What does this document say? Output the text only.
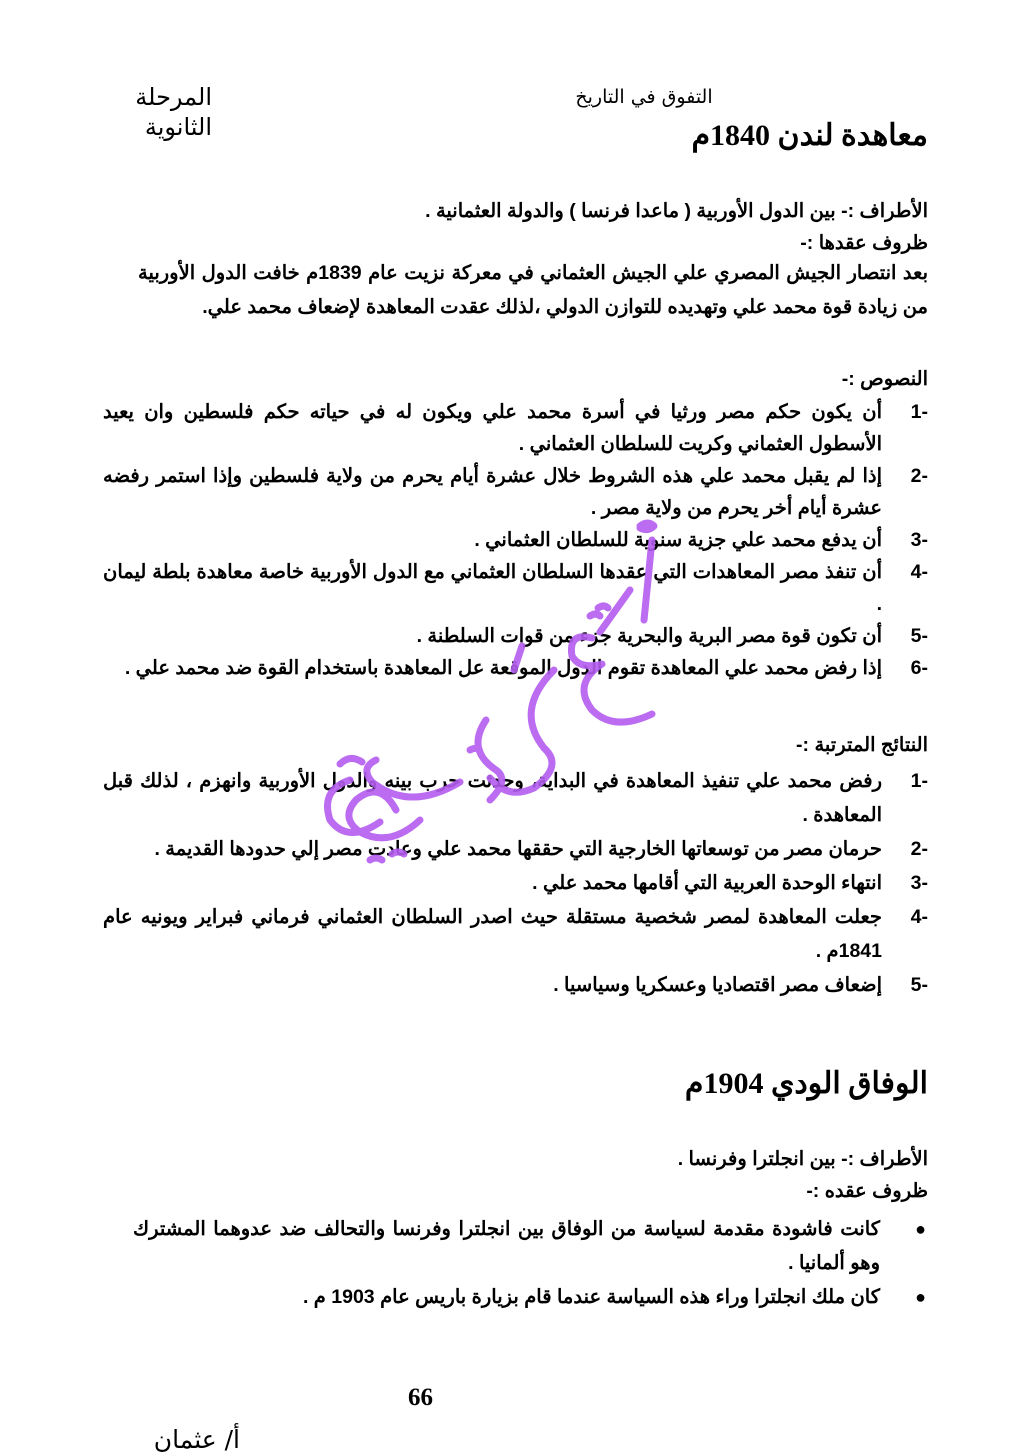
المرحلة الثانوية
التفوق في التاريخ
معاهدة لندن 1840م
الأطراف :- بين الدول الأوربية ( ماعدا فرنسا ) والدولة العثمانية .
ظروف عقدها :-
بعد انتصار الجيش المصري علي الجيش العثماني في معركة نزيت عام 1839م خافت الدول الأوربية من زيادة قوة محمد علي وتهديده للتوازن الدولي ،لذلك عقدت المعاهدة لإضعاف محمد علي.
النصوص :-
-1
أن يكون حكم مصر ورثيا في أسرة محمد علي ويكون له في حياته حكم فلسطين وان يعيد الأسطول العثماني وكريت للسلطان العثماني .
-2
إذا لم يقبل محمد علي هذه الشروط خلال عشرة أيام يحرم من ولاية فلسطين وإذا استمر رفضه عشرة أيام أخر يحرم من ولاية مصر .
-3
أن يدفع محمد علي جزية سنوية للسلطان العثماني .
-4
أن تنفذ مصر المعاهدات التي عقدها السلطان العثماني مع الدول الأوربية خاصة معاهدة بلطة ليمان .
-5
أن تكون قوة مصر البرية والبحرية جزء من قوات السلطنة .
-6
إذا رفض محمد علي المعاهدة تقوم الدول الموقعة عل المعاهدة باستخدام القوة ضد محمد علي .
النتائج المترتبة :-
-1
رفض محمد علي تنفيذ المعاهدة في البداية، وحدثت حرب بينه والدول الأوربية وانهزم ، لذلك قبل المعاهدة .
-2
حرمان مصر من توسعاتها الخارجية التي حققها محمد علي وعادت مصر إلي حدودها القديمة .
-3
انتهاء الوحدة العربية التي أقامها محمد علي .
-4
جعلت المعاهدة لمصر شخصية مستقلة حيث اصدر السلطان العثماني فرماني فبراير ويونيه عام 1841م .
-5
إضعاف مصر اقتصاديا وعسكريا وسياسيا .
الوفاق الودي 1904م
الأطراف :- بين انجلترا وفرنسا .
ظروف عقده :-
●
كانت فاشودة مقدمة لسياسة من الوفاق بين انجلترا وفرنسا والتحالف ضد عدوهما المشترك وهو ألمانيا .
●
كان ملك انجلترا وراء هذه السياسة عندما قام بزيارة باريس عام 1903 م .
أ/ عثمان
66
